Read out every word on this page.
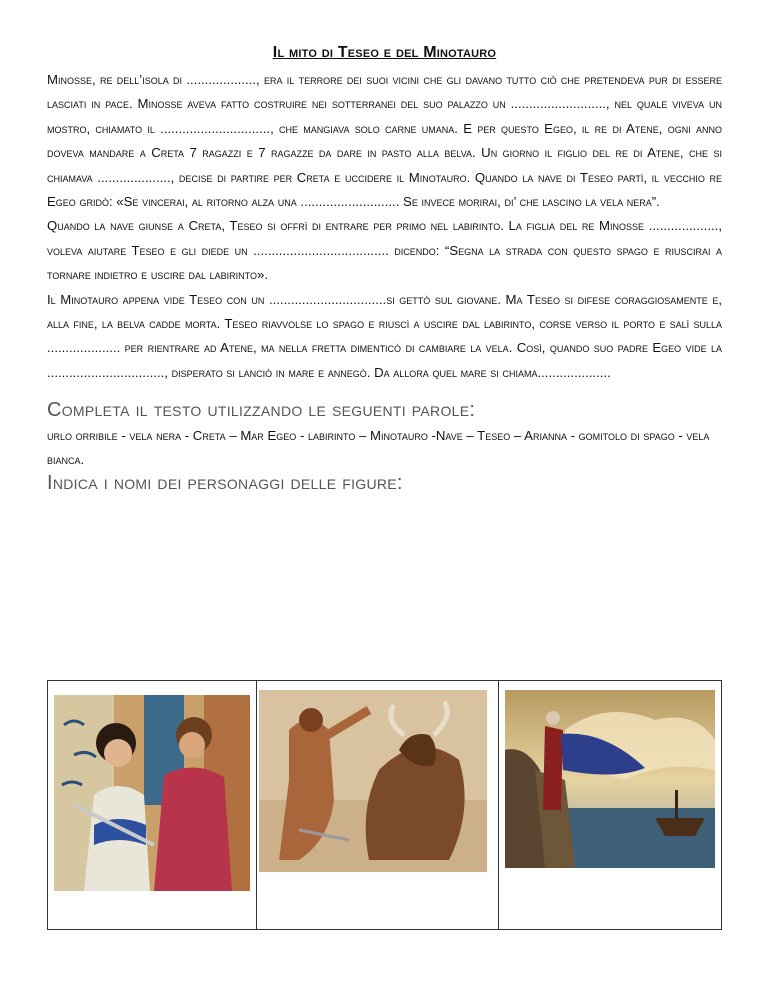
Il mito di Teseo e del Minotauro

Minosse, re dell’isola di ..................., era il terrore dei suoi vicini che gli davano tutto ciò che pretendeva pur di essere lasciati in pace. Minosse aveva fatto costruire nei sotterranei del suo palazzo un .........................., nel quale viveva un mostro, chiamato il .............................., che mangiava solo carne umana. E per questo Egeo, il re di Atene, ogni anno doveva mandare a Creta 7 ragazzi e 7 ragazze da dare in pasto alla belva. Un giorno il figlio del re di Atene, che si chiamava ...................., decise di partire per Creta e uccidere il Minotauro. Quando la nave di Teseo partì, il vecchio re Egeo gridò: «Se vincerai, al ritorno alza una ........................... Se invece morirai, di’ che lascino la vela nera”.

Quando la nave giunse a Creta, Teseo si offrì di entrare per primo nel labirinto. La figlia del re Minosse ..................., voleva aiutare Teseo e gli diede un ..................................... dicendo: “Segna la strada con questo spago e riuscirai a tornare indietro e uscire dal labirinto».

Il Minotauro appena vide Teseo con un ................................si gettò sul giovane. Ma Teseo si difese coraggiosamente e, alla fine, la belva cadde morta. Teseo riavvolse lo spago e riuscì a uscire dal labirinto, corse verso il porto e salì sulla .................... per rientrare ad Atene, ma nella fretta dimenticò di cambiare la vela. Così, quando suo padre Egeo vide la ................................, disperato si lanciò in mare e annegò. Da allora quel mare si chiama....................

Completa il testo utilizzando le seguenti parole:

urlo orribile - vela nera - Creta – Mar Egeo - labirinto – Minotauro -Nave – Teseo – Arianna - gomitolo di spago - vela bianca.

Indica i nomi dei personaggi delle figure:
